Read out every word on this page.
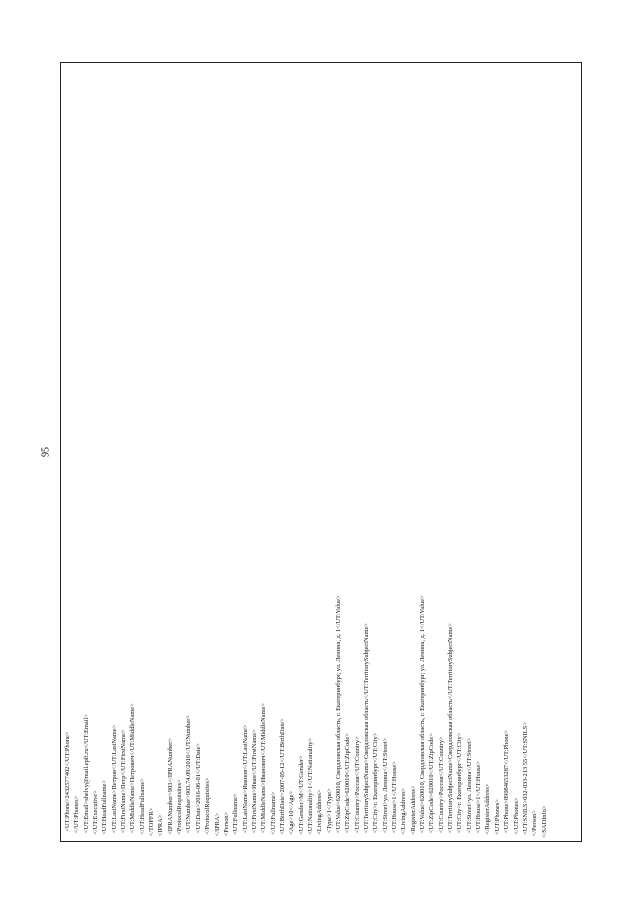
95
<UT:Phone>2432577402</UT:Phone> </UT:Phones> <UT:Email>shelvy@mail.epft.ru</UT:Email> </UT:Executive> <UT:HeadFullname> <UT:LastName>Петров</UT:LastName> <UT:FirstName>Петр</UT:FirstName> <UT:MiddleName>Петрович</UT:MiddleName> </UT:HeadFullname> </TOPFR> <IPRA> <IPRANumber>903</IPRANumber> <ProtocolRequisites> <UT:Number>903.74.09/2016</UT:Number> <UT:Date>2016-06-01</UT:Date> </ProtocolRequisites> </IPRA> <Person> <UT:Fullname> <UT:LastName>Иванов</UT:LastName> <UT:FirstName>Иван</UT:FirstName> <UT:MiddleName>Иванович</UT:MiddleName> </UT:Fullname> <UT:BirthDate>2007-05-12</UT:BirthDate> <Age>10</Age> <UT:Gender>M</UT:Gender> <UT:Nationality>1</UT:Nationality> <LivingAddress> <Type>1</Type> <UT:Value>620010, Свердловская область, г. Екатеринбург, ул. Ленина, д. 1</UT:Value> <UT:ZipCode>620010</UT:ZipCode> <UT:Country>Россия</UT:Country> <UT:TerritorySubjectName>Свердловская область</UT:TerritorySubjectName> <UT:City>г. Екатеринбург</UT:City> <UT:Street>ул. Ленина</UT:Street> <UT:House>1</UT:House> </LivingAddress> <RegisterAddress> <UT:Value>620010, Свердловская область, г. Екатеринбург, ул. Ленина, д. 1</UT:Value> <UT:ZipCode>620010</UT:ZipCode> <UT:Country>Россия</UT:Country> <UT:TerritorySubjectName>Свердловская область</UT:TerritorySubjectName> <UT:City>г. Екатеринбург</UT:City> <UT:Street>ул. Ленина</UT:Street> <UT:House>1</UT:House> </RegisterAddress> <UT:Phones> <UT:Phone>89084653287</UT:Phone> </UT:Phones> <UT:SNILS>032-033-213 55</UT:SNILS> </Person> </SADInfo>
